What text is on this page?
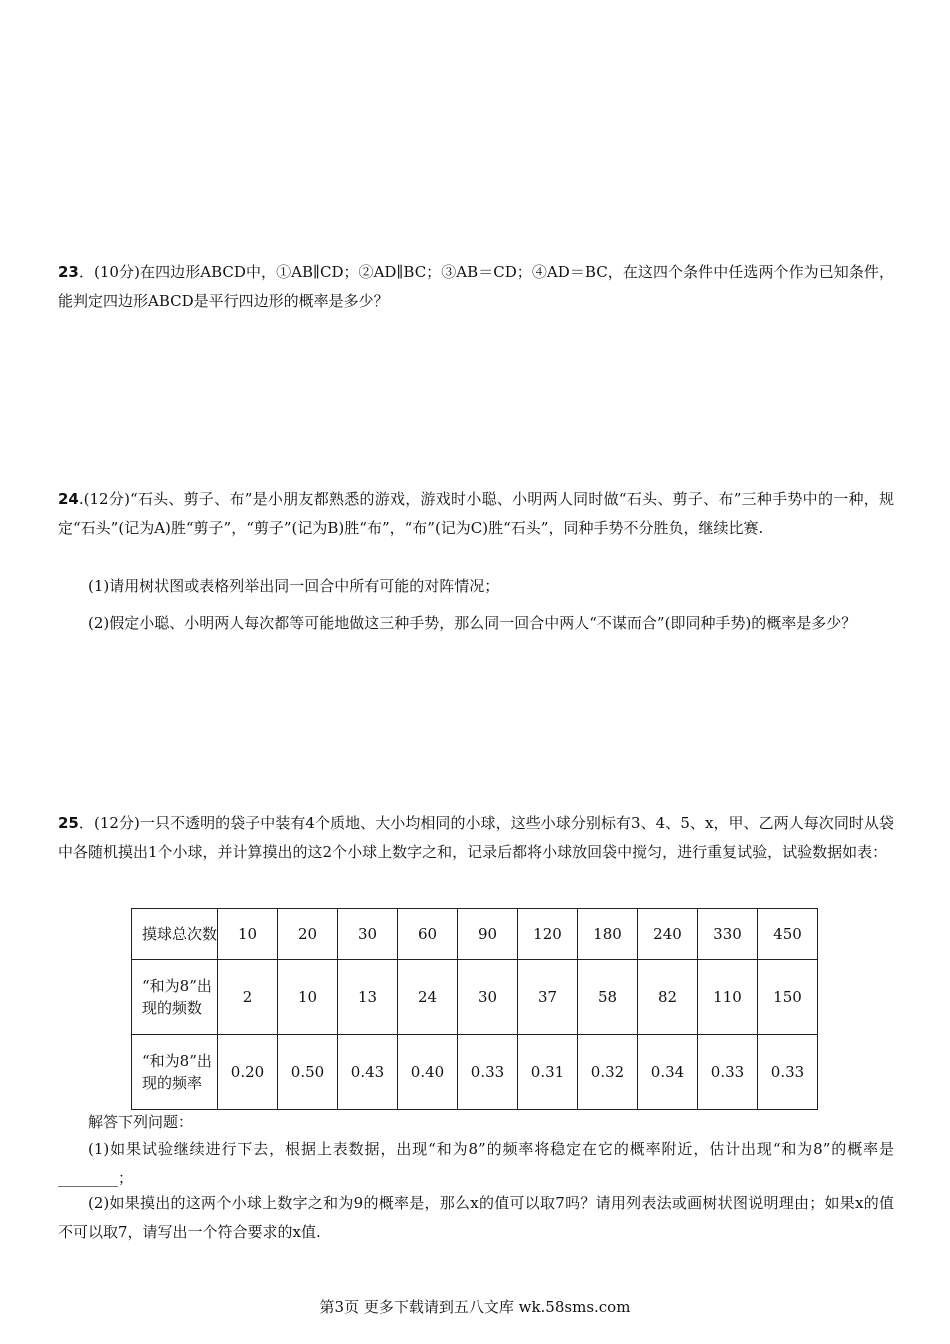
23．(10分)在四边形ABCD中，①AB∥CD；②AD∥BC；③AB＝CD；④AD＝BC，在这四个条件中任选两个作为已知条件，能判定四边形ABCD是平行四边形的概率是多少？

24.(12分)“石头、剪子、布”是小朋友都熟悉的游戏，游戏时小聪、小明两人同时做“石头、剪子、布”三种手势中的一种，规定“石头”(记为A)胜“剪子”，“剪子”(记为B)胜“布”，“布”(记为C)胜“石头”，同种手势不分胜负，继续比赛.

(1)请用树状图或表格列举出同一回合中所有可能的对阵情况；

(2)假定小聪、小明两人每次都等可能地做这三种手势，那么同一回合中两人“不谋而合”(即同种手势)的概率是多少？

25．(12分)一只不透明的袋子中装有4个质地、大小均相同的小球，这些小球分别标有3、4、5、x，甲、乙两人每次同时从袋中各随机摸出1个小球，并计算摸出的这2个小球上数字之和，记录后都将小球放回袋中搅匀，进行重复试验，试验数据如表：

摸球总次数	10	20	30	60	90	120	180	240	330	450
“和为8”出现的频数	2	10	13	24	30	37	58	82	110	150
“和为8”出现的频率	0.20	0.50	0.43	0.40	0.33	0.31	0.32	0.34	0.33	0.33

解答下列问题：

(1)如果试验继续进行下去，根据上表数据，出现“和为8”的频率将稳定在它的概率附近，估计出现“和为8”的概率是________；

(2)如果摸出的这两个小球上数字之和为9的概率是，那么x的值可以取7吗？请用列表法或画树状图说明理由；如果x的值不可以取7，请写出一个符合要求的x值.

第3页 更多下载请到五八文库 wk.58sms.com
